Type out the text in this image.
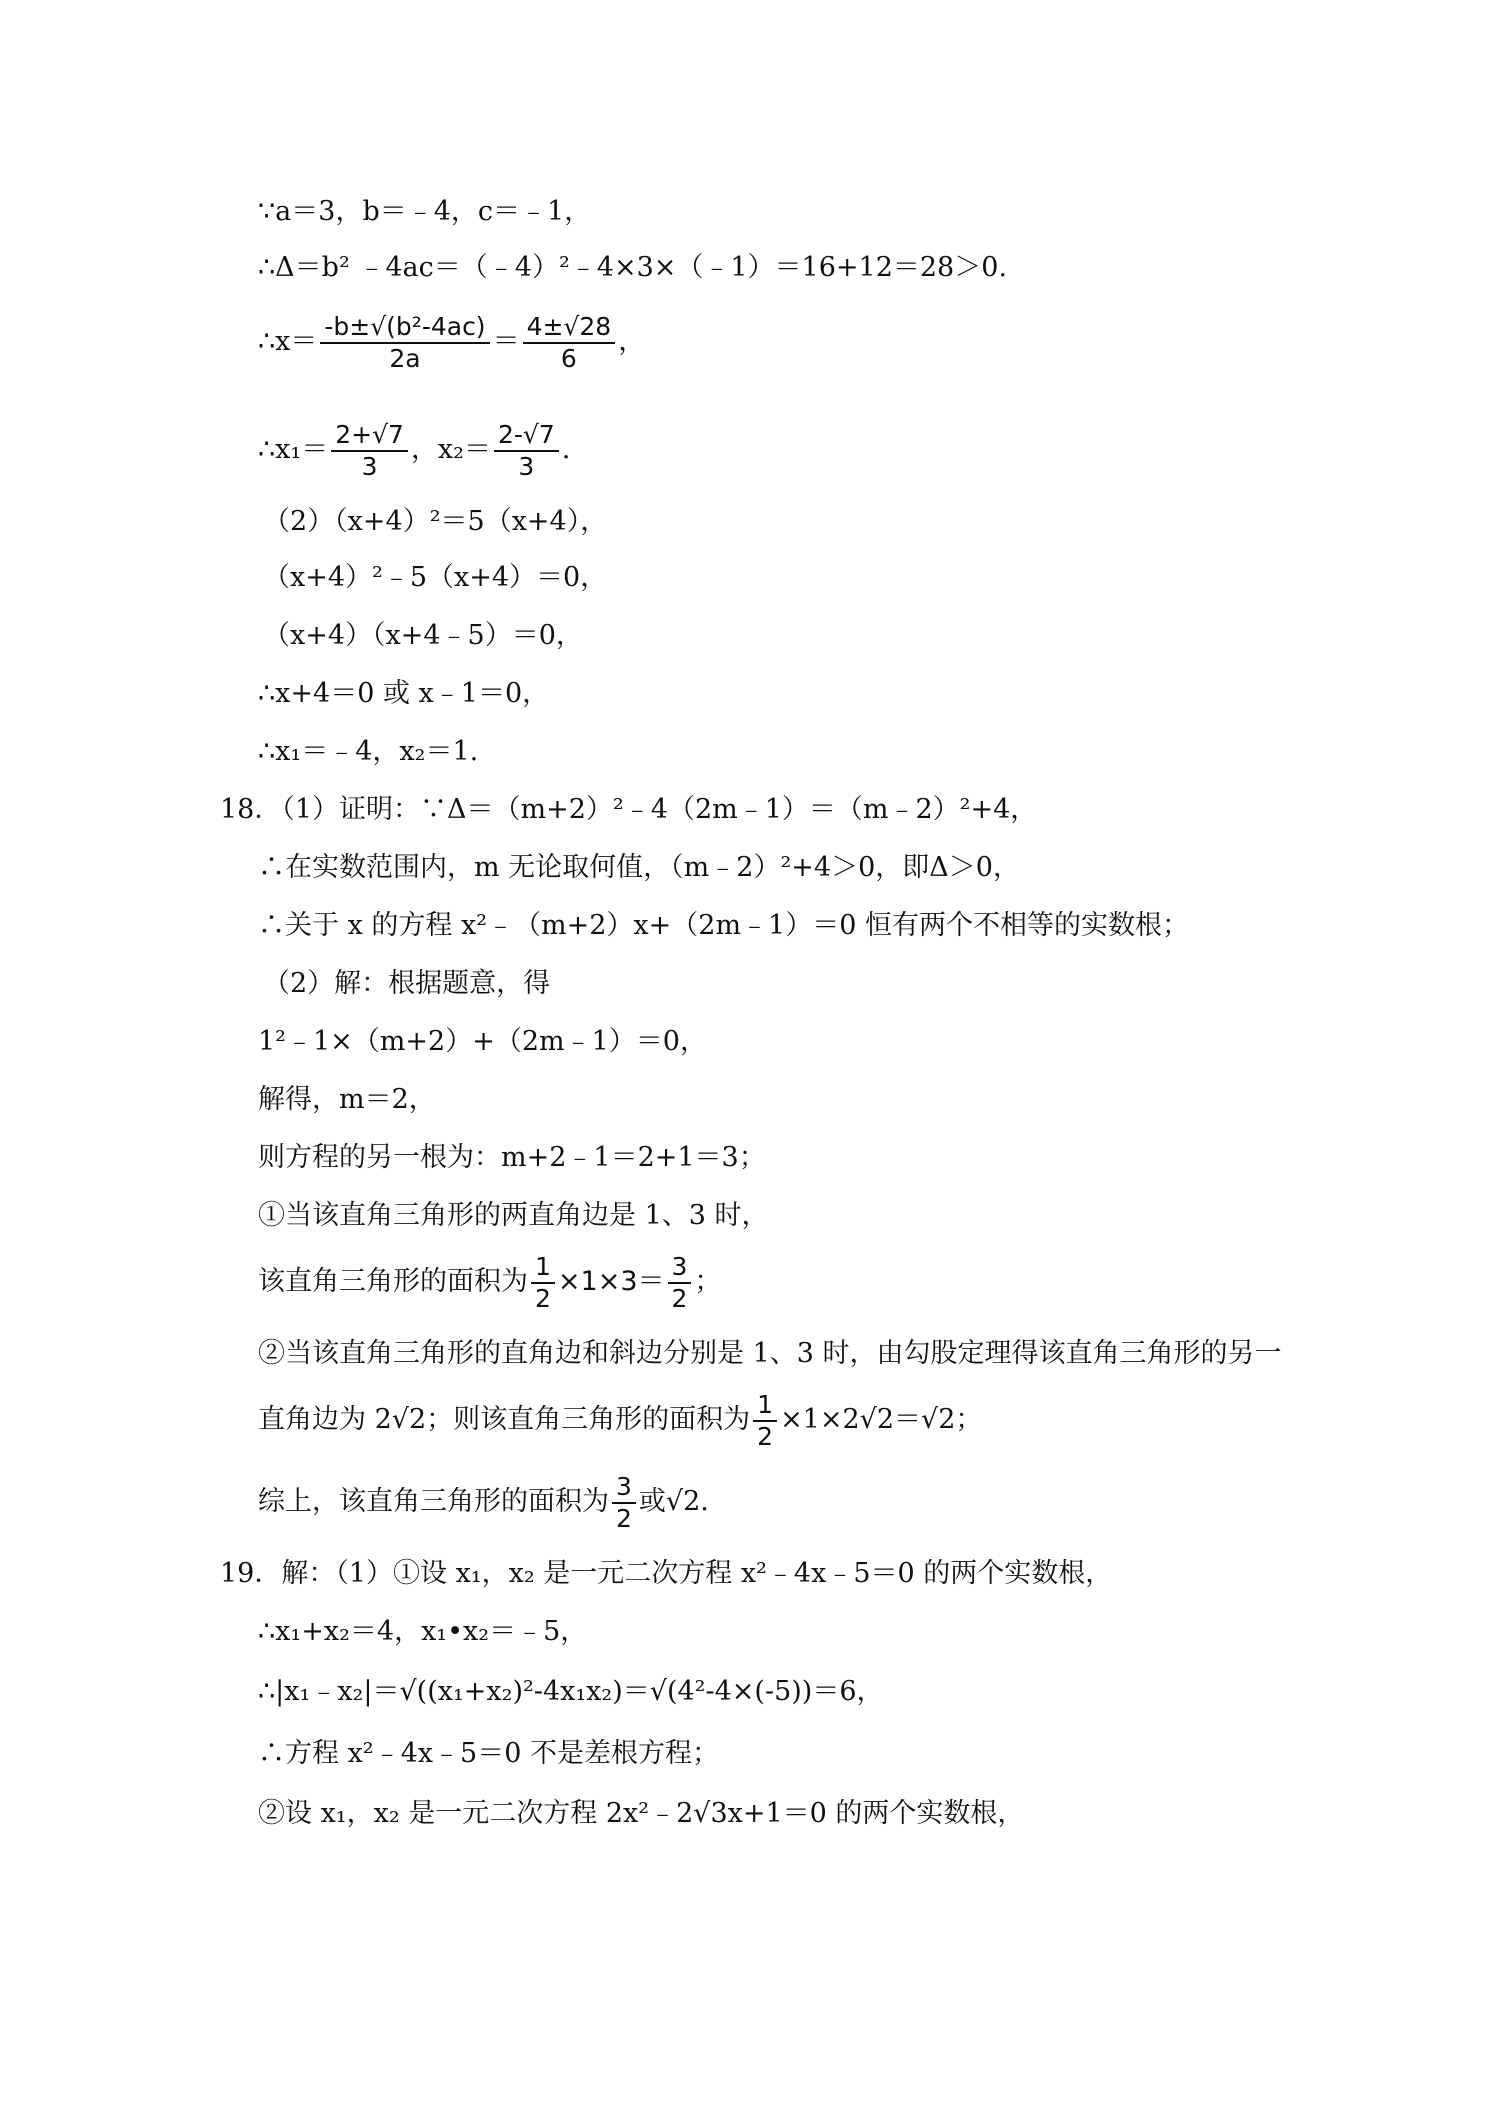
∵a＝3，b＝﹣4，c＝﹣1，
∴Δ＝b² ﹣4ac＝（﹣4）²﹣4×3×（﹣1）＝16+12＝28＞0.
∴x＝ $\frac{\text{-b±√(b²-4ac)}}{2a} = \frac{4\pm√28}{6}$ ，
∴x₁＝ $\frac{2+√7}{3}$ ，$x_2= \frac{2-√7}{3}$ .
（2）（x+4）²＝5（x+4），
（x+4）²﹣5（x+4）＝0，
（x+4）（x+4﹣5）＝0，
∴x+4＝0 或 x﹣1＝0，
∴x₁＝﹣4，x₂＝1.
18．（1）证明：∵Δ＝（m+2）²﹣4（2m﹣1）＝（m﹣2）²+4，
∴在实数范围内，m 无论取何值，（m﹣2）²+4＞0，即Δ＞0，
∴关于 x 的方程 x²﹣（m+2）x+（2m﹣1）＝0 恒有两个不相等的实数根；
（2）解：根据题意，得
1²﹣1×（m+2）+（2m﹣1）＝0，
解得，m＝2，
则方程的另一根为：m+2﹣1＝2+1＝3；
①当该直角三角形的两直角边是 1、3 时，
该直角三角形的面积为 $\frac{1}{2} \times 1\times 3= \frac{3}{2}$ ；
②当该直角三角形的直角边和斜边分别是 1、3 时，由勾股定理得该直角三角形的另一
直角边为 2√2；则该直角三角形的面积为 $\frac{1}{2} \times 1\times 2√2=√2$；
综上，该直角三角形的面积为 $\frac{3}{2}$ 或√2.
19．解：（1）①设 x₁，x₂ 是一元二次方程 x²﹣4x﹣5＝0 的两个实数根，
∴x₁+x₂＝4，x₁•x₂＝﹣5，
∴|x₁﹣x₂|＝√((x₁+x₂)²-4x₁x₂)＝√(4²-4×(-5))＝6，
∴方程 x²﹣4x﹣5＝0 不是差根方程；
②设 x₁，x₂ 是一元二次方程 2x²﹣2√3x+1＝0 的两个实数根，
